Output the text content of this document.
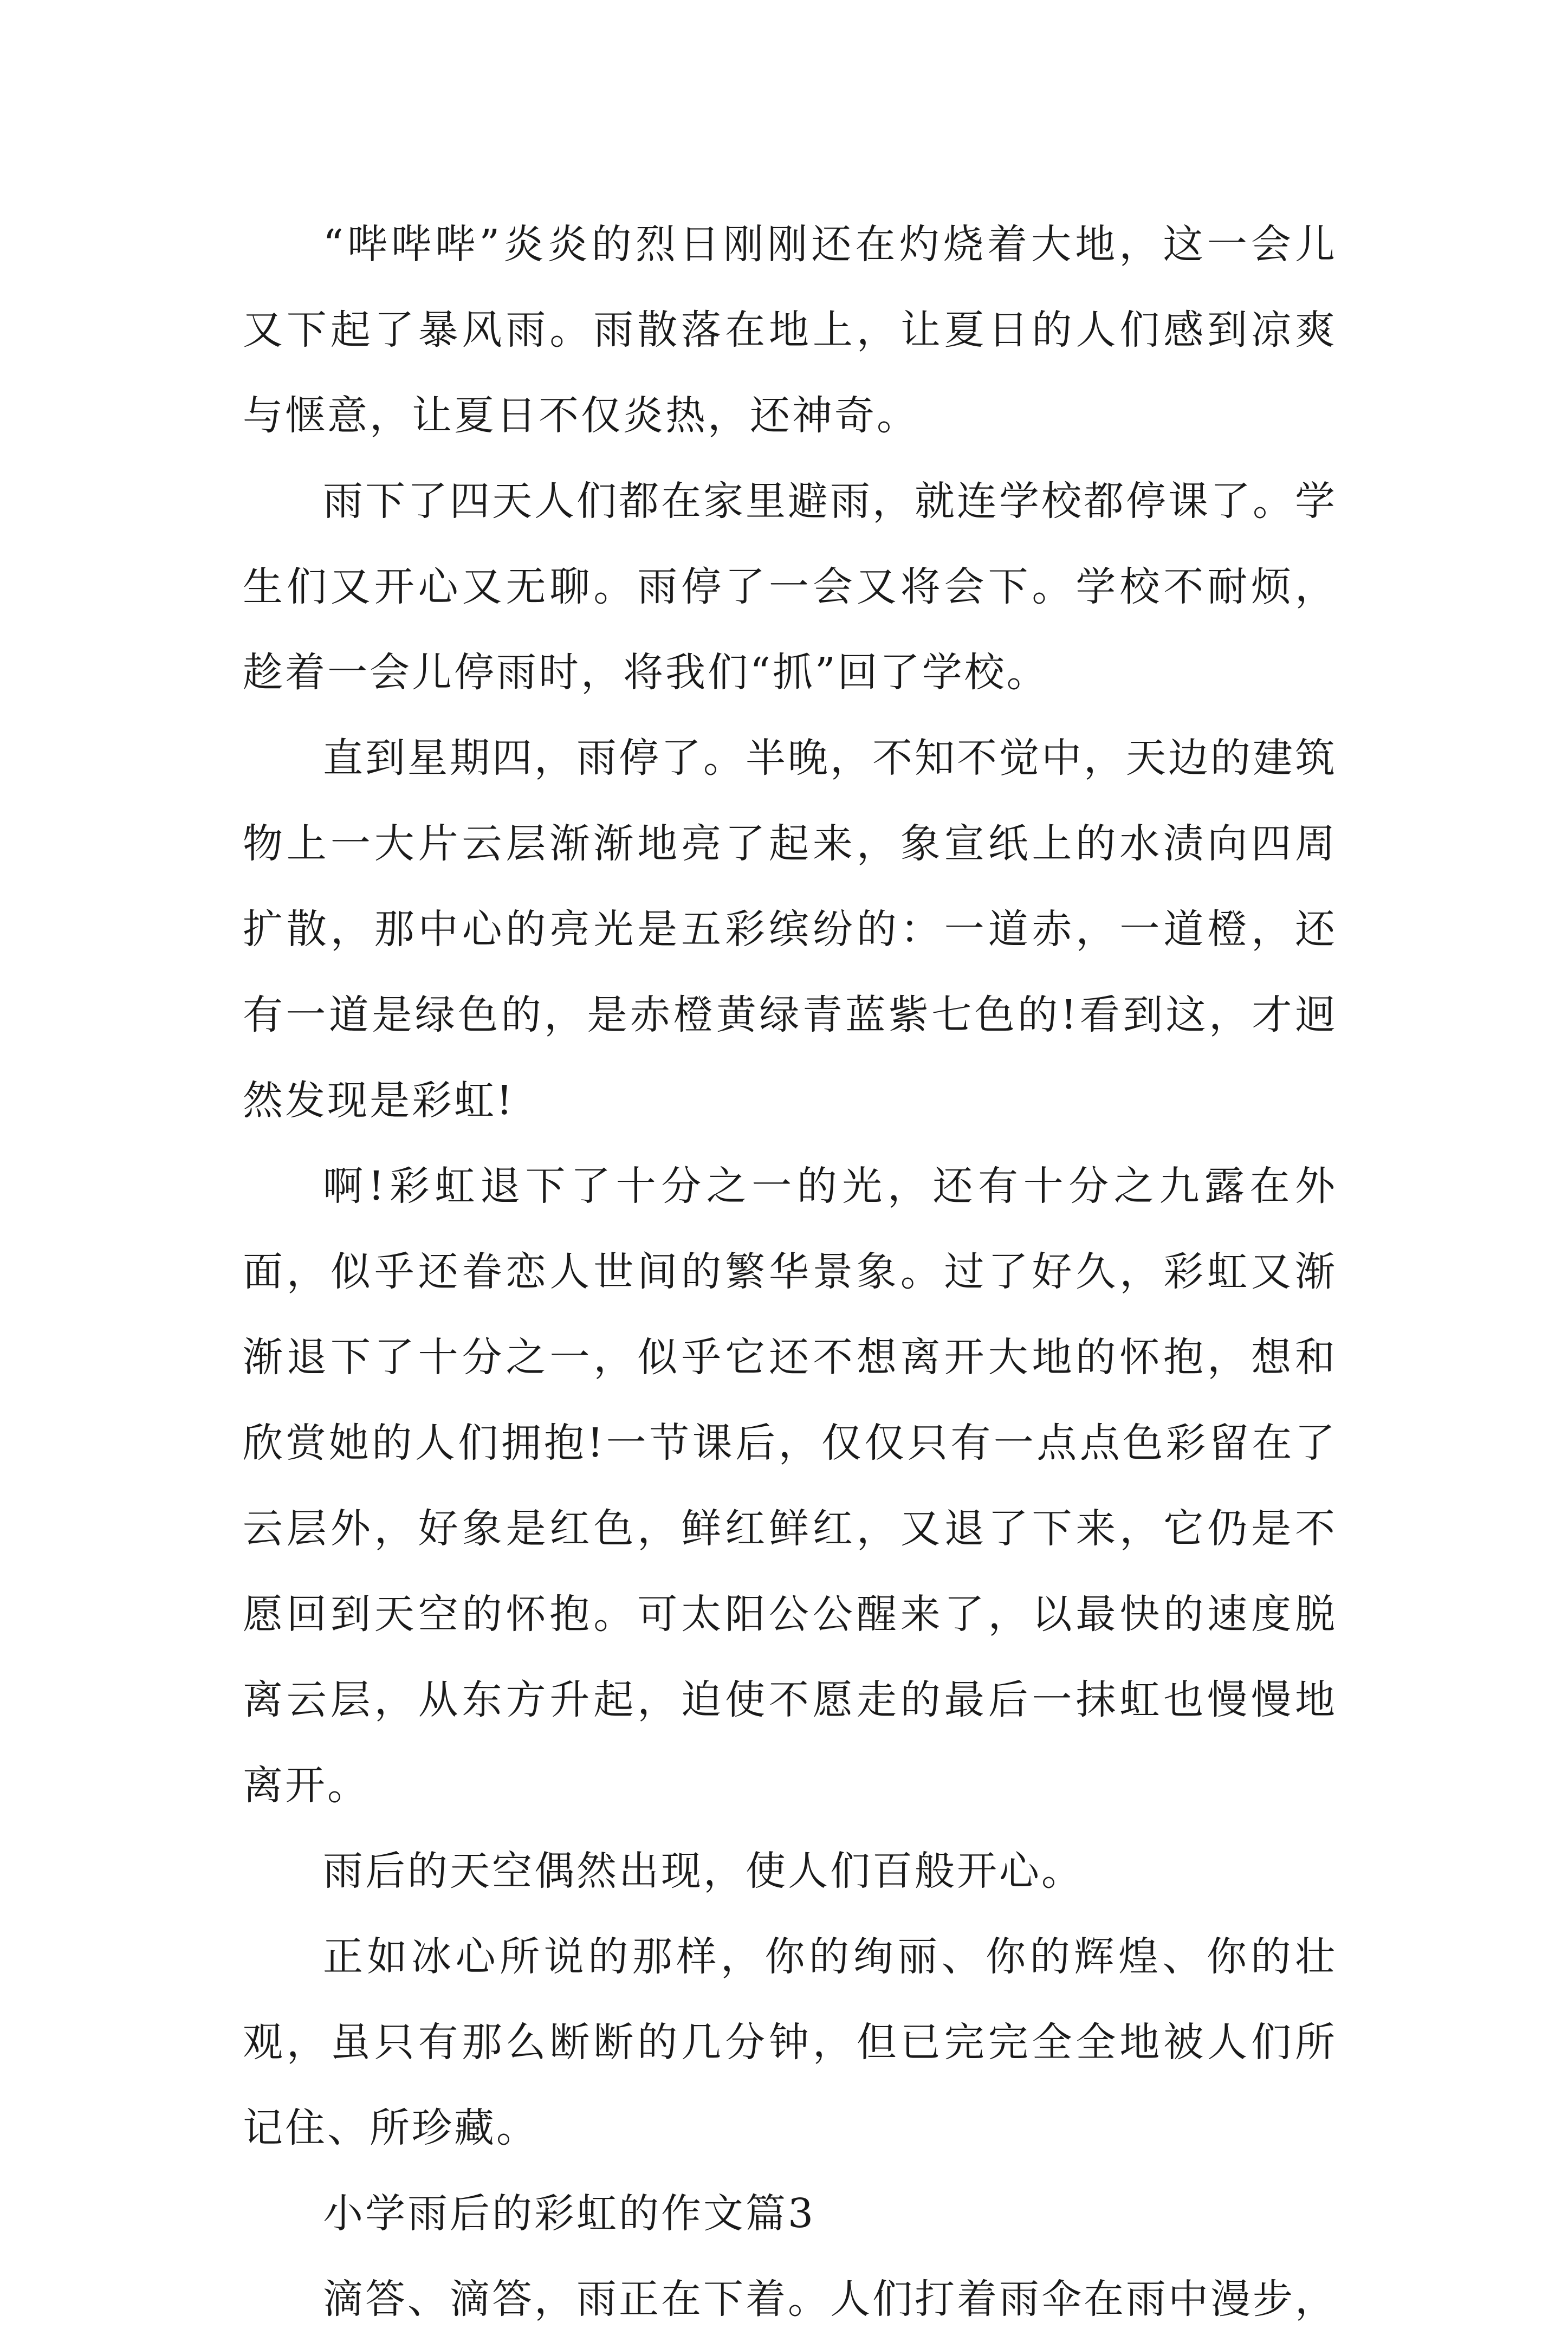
“哔哔哔”炎炎的烈日刚刚还在灼烧着大地，这一会儿又下起了暴风雨。雨散落在地上，让夏日的人们感到凉爽与惬意，让夏日不仅炎热，还神奇。

雨下了四天人们都在家里避雨，就连学校都停课了。学生们又开心又无聊。雨停了一会又将会下。学校不耐烦，趁着一会儿停雨时，将我们“抓”回了学校。

直到星期四，雨停了。半晚，不知不觉中，天边的建筑物上一大片云层渐渐地亮了起来，象宣纸上的水渍向四周扩散，那中心的亮光是五彩缤纷的：一道赤，一道橙，还有一道是绿色的，是赤橙黄绿青蓝紫七色的!看到这，才迥然发现是彩虹!

啊!彩虹退下了十分之一的光，还有十分之九露在外面，似乎还眷恋人世间的繁华景象。过了好久，彩虹又渐渐退下了十分之一，似乎它还不想离开大地的怀抱，想和欣赏她的人们拥抱!一节课后，仅仅只有一点点色彩留在了云层外，好象是红色，鲜红鲜红，又退了下来，它仍是不愿回到天空的怀抱。可太阳公公醒来了，以最快的速度脱离云层，从东方升起，迫使不愿走的最后一抹虹也慢慢地离开。

雨后的天空偶然出现，使人们百般开心。

正如冰心所说的那样，你的绚丽、你的辉煌、你的壮观，虽只有那么断断的几分钟，但已完完全全地被人们所记住、所珍藏。

小学雨后的彩虹的作文篇3

滴答、滴答，雨正在下着。人们打着雨伞在雨中漫步，
